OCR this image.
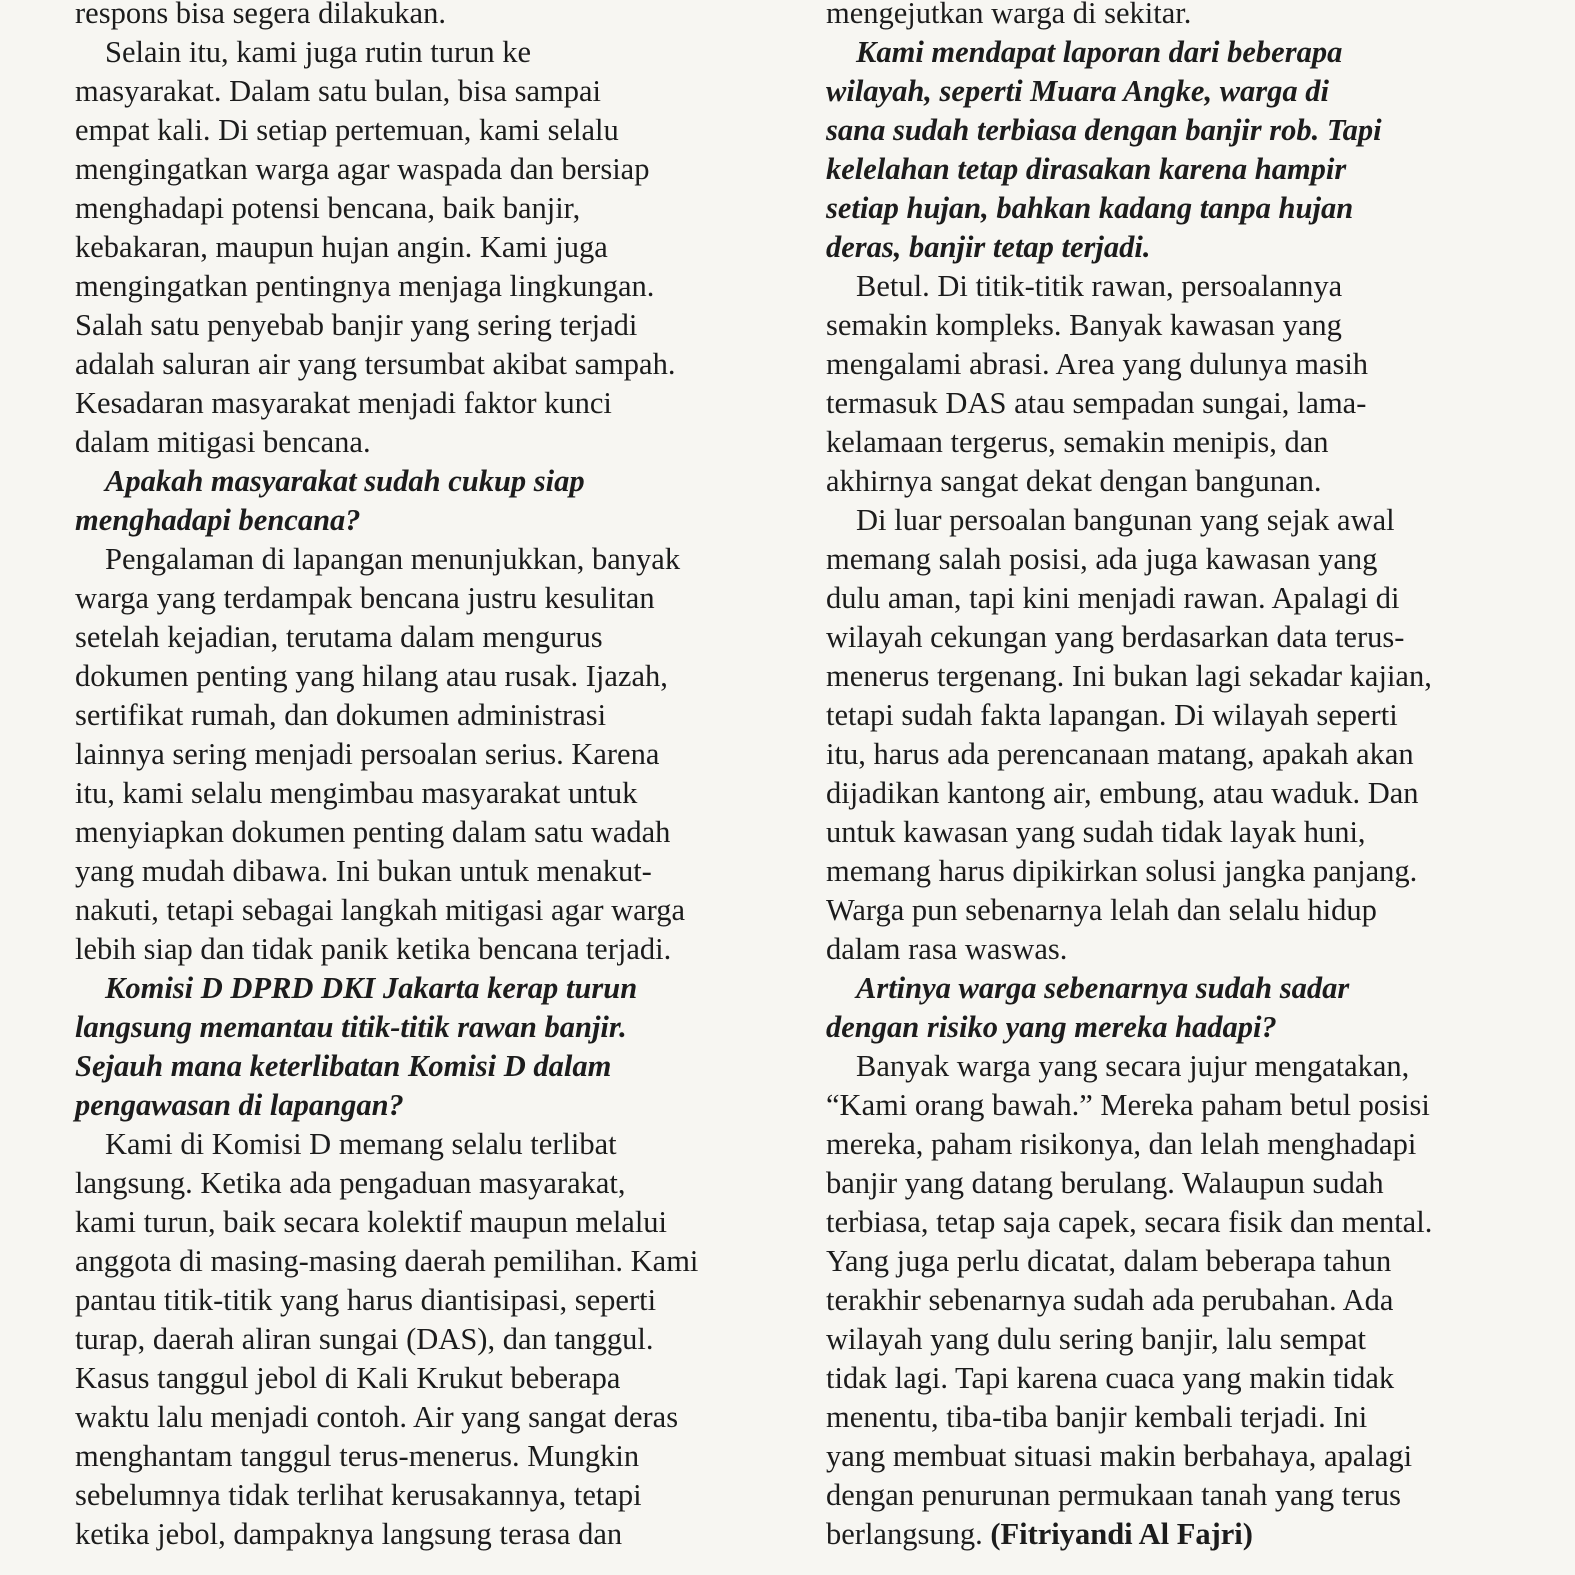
respons bisa segera dilakukan.
Selain itu, kami juga rutin turun ke
masyarakat. Dalam satu bulan, bisa sampai
empat kali. Di setiap pertemuan, kami selalu
mengingatkan warga agar waspada dan bersiap
menghadapi potensi bencana, baik banjir,
kebakaran, maupun hujan angin. Kami juga
mengingatkan pentingnya menjaga lingkungan.
Salah satu penyebab banjir yang sering terjadi
adalah saluran air yang tersumbat akibat sampah.
Kesadaran masyarakat menjadi faktor kunci
dalam mitigasi bencana.
Apakah masyarakat sudah cukup siap
menghadapi bencana?
Pengalaman di lapangan menunjukkan, banyak
warga yang terdampak bencana justru kesulitan
setelah kejadian, terutama dalam mengurus
dokumen penting yang hilang atau rusak. Ijazah,
sertifikat rumah, dan dokumen administrasi
lainnya sering menjadi persoalan serius. Karena
itu, kami selalu mengimbau masyarakat untuk
menyiapkan dokumen penting dalam satu wadah
yang mudah dibawa. Ini bukan untuk menakut-
nakuti, tetapi sebagai langkah mitigasi agar warga
lebih siap dan tidak panik ketika bencana terjadi.
Komisi D DPRD DKI Jakarta kerap turun
langsung memantau titik-titik rawan banjir.
Sejauh mana keterlibatan Komisi D dalam
pengawasan di lapangan?
Kami di Komisi D memang selalu terlibat
langsung. Ketika ada pengaduan masyarakat,
kami turun, baik secara kolektif maupun melalui
anggota di masing-masing daerah pemilihan. Kami
pantau titik-titik yang harus diantisipasi, seperti
turap, daerah aliran sungai (DAS), dan tanggul.
Kasus tanggul jebol di Kali Krukut beberapa
waktu lalu menjadi contoh. Air yang sangat deras
menghantam tanggul terus-menerus. Mungkin
sebelumnya tidak terlihat kerusakannya, tetapi
ketika jebol, dampaknya langsung terasa dan
mengejutkan warga di sekitar.
Kami mendapat laporan dari beberapa
wilayah, seperti Muara Angke, warga di
sana sudah terbiasa dengan banjir rob. Tapi
kelelahan tetap dirasakan karena hampir
setiap hujan, bahkan kadang tanpa hujan
deras, banjir tetap terjadi.
Betul. Di titik-titik rawan, persoalannya
semakin kompleks. Banyak kawasan yang
mengalami abrasi. Area yang dulunya masih
termasuk DAS atau sempadan sungai, lama-
kelamaan tergerus, semakin menipis, dan
akhirnya sangat dekat dengan bangunan.
Di luar persoalan bangunan yang sejak awal
memang salah posisi, ada juga kawasan yang
dulu aman, tapi kini menjadi rawan. Apalagi di
wilayah cekungan yang berdasarkan data terus-
menerus tergenang. Ini bukan lagi sekadar kajian,
tetapi sudah fakta lapangan. Di wilayah seperti
itu, harus ada perencanaan matang, apakah akan
dijadikan kantong air, embung, atau waduk. Dan
untuk kawasan yang sudah tidak layak huni,
memang harus dipikirkan solusi jangka panjang.
Warga pun sebenarnya lelah dan selalu hidup
dalam rasa waswas.
Artinya warga sebenarnya sudah sadar
dengan risiko yang mereka hadapi?
Banyak warga yang secara jujur mengatakan,
“Kami orang bawah.” Mereka paham betul posisi
mereka, paham risikonya, dan lelah menghadapi
banjir yang datang berulang. Walaupun sudah
terbiasa, tetap saja capek, secara fisik dan mental.
Yang juga perlu dicatat, dalam beberapa tahun
terakhir sebenarnya sudah ada perubahan. Ada
wilayah yang dulu sering banjir, lalu sempat
tidak lagi. Tapi karena cuaca yang makin tidak
menentu, tiba-tiba banjir kembali terjadi. Ini
yang membuat situasi makin berbahaya, apalagi
dengan penurunan permukaan tanah yang terus
berlangsung. (Fitriyandi Al Fajri)
